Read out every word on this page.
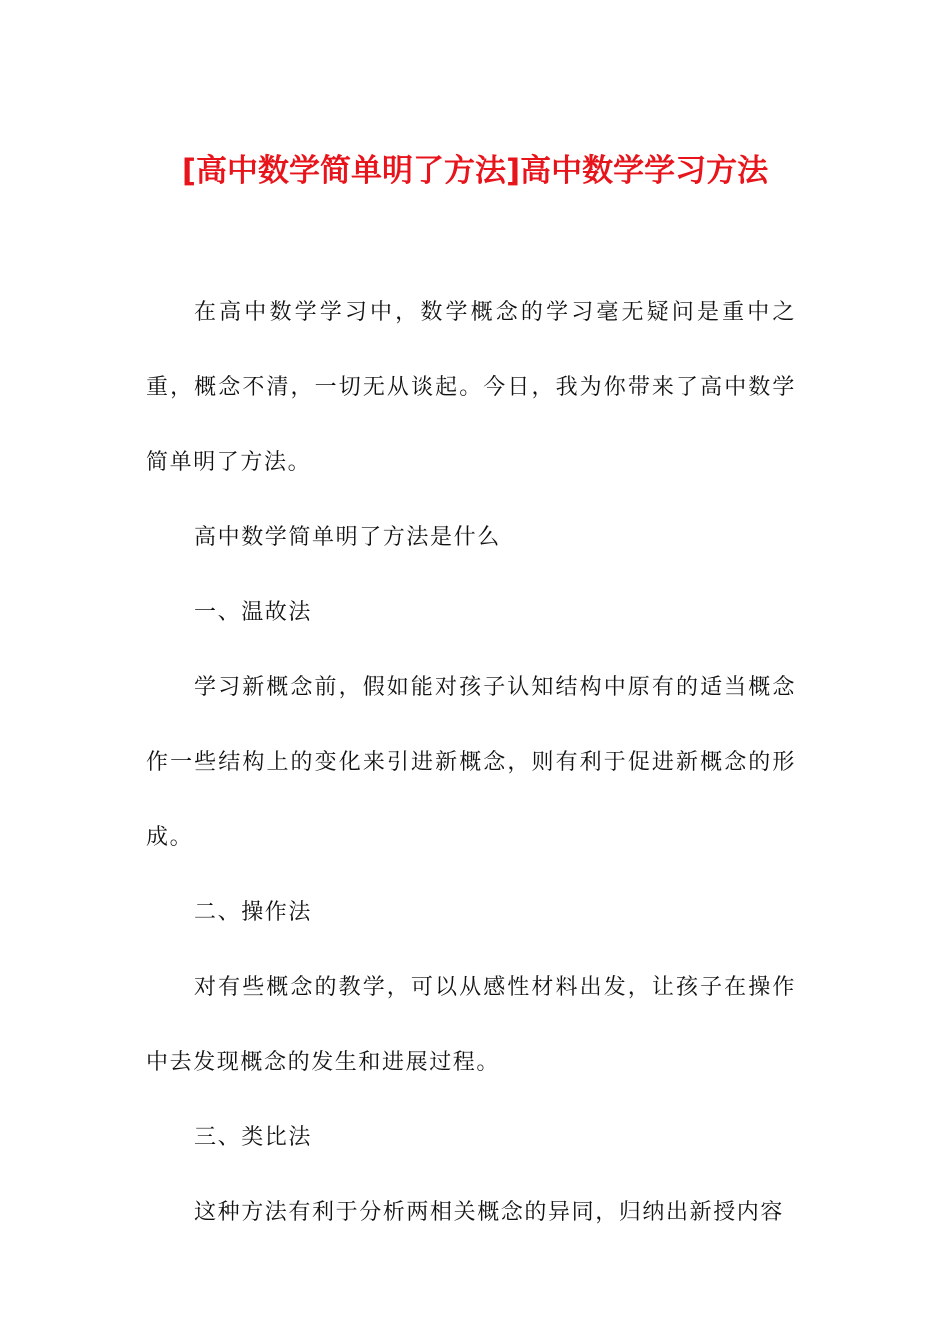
[高中数学简单明了方法]高中数学学习方法

在高中数学学习中，数学概念的学习毫无疑问是重中之重，概念不清，一切无从谈起。今日，我为你带来了高中数学简单明了方法。

高中数学简单明了方法是什么

一、温故法

学习新概念前，假如能对孩子认知结构中原有的适当概念作一些结构上的变化来引进新概念，则有利于促进新概念的形成。

二、操作法

对有些概念的教学，可以从感性材料出发，让孩子在操作中去发现概念的发生和进展过程。

三、类比法

这种方法有利于分析两相关概念的异同，归纳出新授内容
